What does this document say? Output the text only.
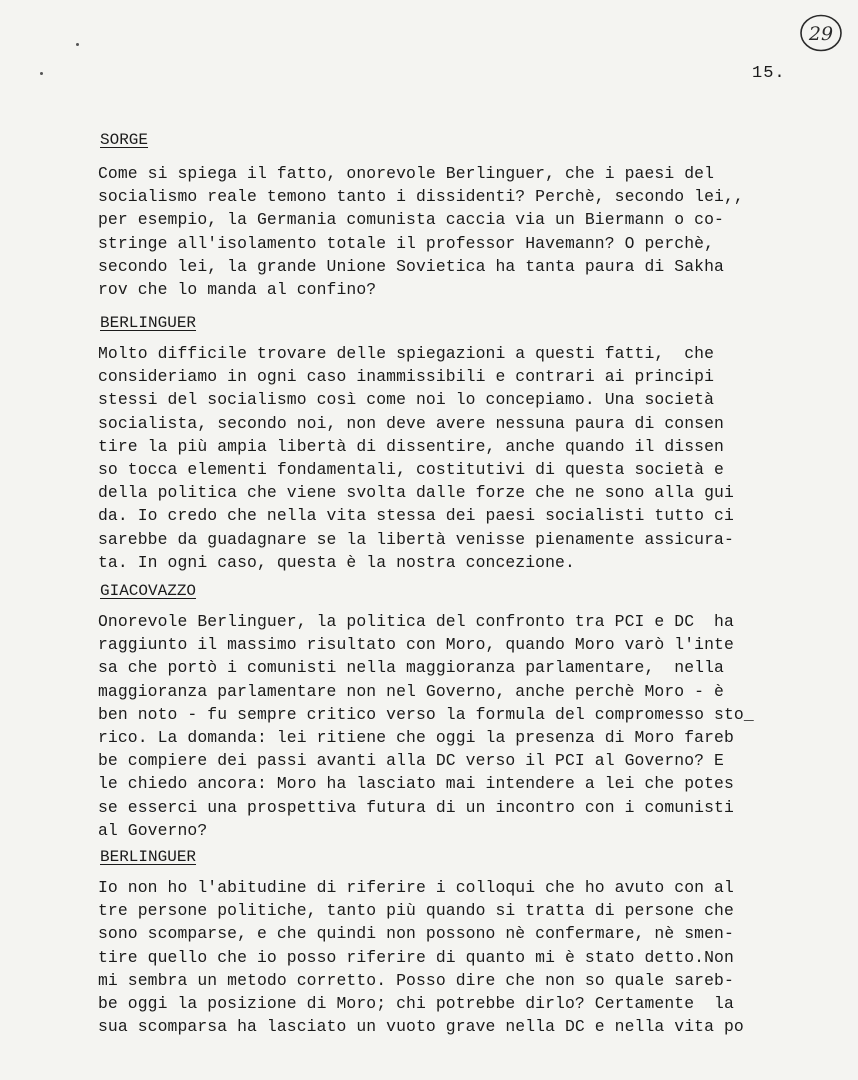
29
15.
SORGE
Come si spiega il fatto, onorevole Berlinguer, che i paesi del
socialismo reale temono tanto i dissidenti? Perchè, secondo lei,,
per esempio, la Germania comunista caccia via un Biermann o co-
stringe all'isolamento totale il professor Havemann? O perchè,
secondo lei, la grande Unione Sovietica ha tanta paura di Sakha
rov che lo manda al confino?
BERLINGUER
Molto difficile trovare delle spiegazioni a questi fatti,  che
consideriamo in ogni caso inammissibili e contrari ai principi
stessi del socialismo così come noi lo concepiamo. Una società
socialista, secondo noi, non deve avere nessuna paura di consen
tire la più ampia libertà di dissentire, anche quando il dissen
so tocca elementi fondamentali, costitutivi di questa società e
della politica che viene svolta dalle forze che ne sono alla gui
da. Io credo che nella vita stessa dei paesi socialisti tutto ci
sarebbe da guadagnare se la libertà venisse pienamente assicura-
ta. In ogni caso, questa è la nostra concezione.
GIACOVAZZO
Onorevole Berlinguer, la politica del confronto tra PCI e DC  ha
raggiunto il massimo risultato con Moro, quando Moro varò l'inte
sa che portò i comunisti nella maggioranza parlamentare,  nella
maggioranza parlamentare non nel Governo, anche perchè Moro - è
ben noto - fu sempre critico verso la formula del compromesso sto_
rico. La domanda: lei ritiene che oggi la presenza di Moro fareb
be compiere dei passi avanti alla DC verso il PCI al Governo? E
le chiedo ancora: Moro ha lasciato mai intendere a lei che potes
se esserci una prospettiva futura di un incontro con i comunisti
al Governo?
BERLINGUER
Io non ho l'abitudine di riferire i colloqui che ho avuto con al
tre persone politiche, tanto più quando si tratta di persone che
sono scomparse, e che quindi non possono nè confermare, nè smen-
tire quello che io posso riferire di quanto mi è stato detto.Non
mi sembra un metodo corretto. Posso dire che non so quale sareb-
be oggi la posizione di Moro; chi potrebbe dirlo? Certamente  la
sua scomparsa ha lasciato un vuoto grave nella DC e nella vita po
